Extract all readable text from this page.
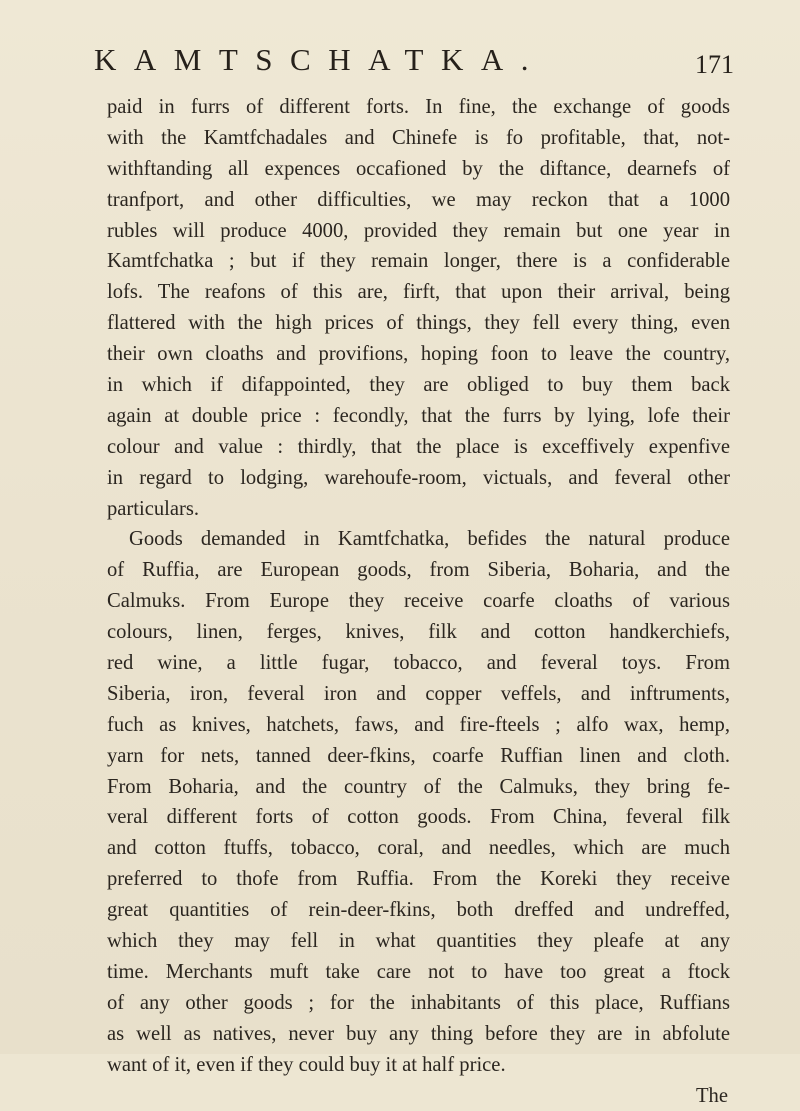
KAMTSCHATKA.	171
paid in furrs of different forts. In fine, the exchange of goods
with the Kamtfchadales and Chinefe is fo profitable, that, not-
withftanding all expences occafioned by the diftance, dearnefs of
tranfport, and other difficulties, we may reckon that a 1000
rubles will produce 4000, provided they remain but one year in
Kamtfchatka ; but if they remain longer, there is a confiderable
lofs. The reafons of this are, firft, that upon their arrival, being
flattered with the high prices of things, they fell every thing, even
their own cloaths and provifions, hoping foon to leave the country,
in which if difappointed, they are obliged to buy them back
again at double price : fecondly, that the furrs by lying, lofe their
colour and value : thirdly, that the place is exceffively expenfive
in regard to lodging, warehoufe-room, victuals, and feveral other
particulars.
Goods demanded in Kamtfchatka, befides the natural produce
of Ruffia, are European goods, from Siberia, Boharia, and the
Calmuks. From Europe they receive coarfe cloaths of various
colours, linen, ferges, knives, filk and cotton handkerchiefs,
red wine, a little fugar, tobacco, and feveral toys. From
Siberia, iron, feveral iron and copper veffels, and inftruments,
fuch as knives, hatchets, faws, and fire-fteels ; alfo wax, hemp,
yarn for nets, tanned deer-fkins, coarfe Ruffian linen and cloth.
From Boharia, and the country of the Calmuks, they bring fe-
veral different forts of cotton goods. From China, feveral filk
and cotton ftuffs, tobacco, coral, and needles, which are much
preferred to thofe from Ruffia. From the Koreki they receive
great quantities of rein-deer-fkins, both dreffed and undreffed,
which they may fell in what quantities they pleafe at any
time. Merchants muft take care not to have too great a ftock
of any other goods ; for the inhabitants of this place, Ruffians
as well as natives, never buy any thing before they are in abfolute
want of it, even if they could buy it at half price.
The
